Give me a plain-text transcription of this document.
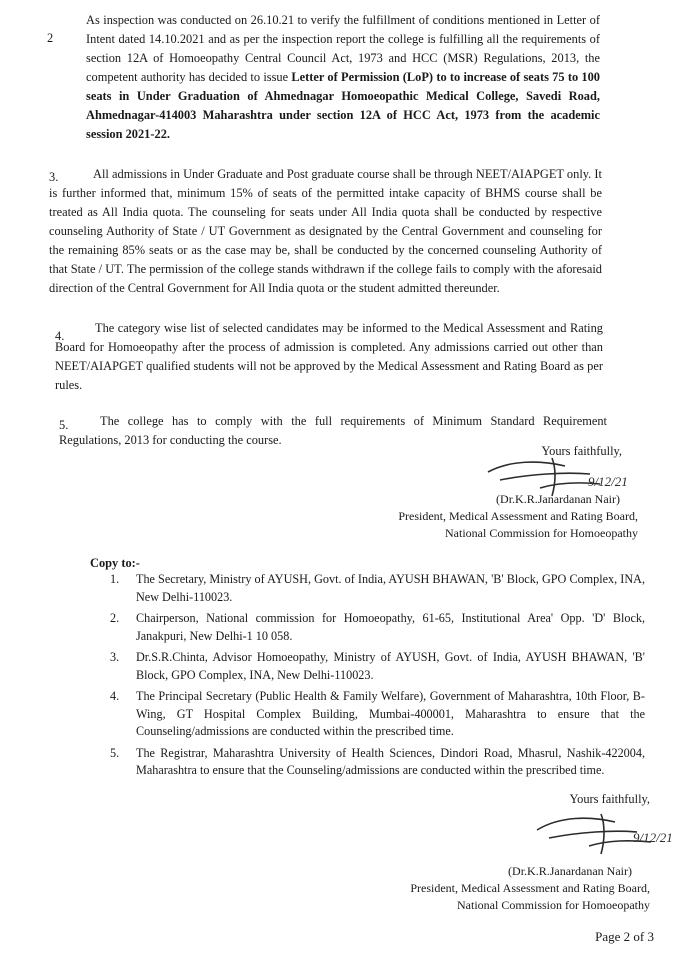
2
As inspection was conducted on 26.10.21 to verify the fulfillment of conditions mentioned in Letter of Intent dated 14.10.2021 and as per the inspection report the college is fulfilling all the requirements of section 12A of Homoeopathy Central Council Act, 1973 and HCC (MSR) Regulations, 2013, the competent authority has decided to issue Letter of Permission (LoP) to to increase of seats 75 to 100 seats in Under Graduation of Ahmednagar Homoeopathic Medical College, Savedi Road, Ahmednagar-414003 Maharashtra under section 12A of HCC Act, 1973 from the academic session 2021-22.
3.	All admissions in Under Graduate and Post graduate course shall be through NEET/AIAPGET only. It is further informed that, minimum 15% of seats of the permitted intake capacity of BHMS course shall be treated as All India quota. The counseling for seats under All India quota shall be conducted by respective counseling Authority of State / UT Government as designated by the Central Government and counseling for the remaining 85% seats or as the case may be, shall be conducted by the concerned counseling Authority of that State / UT. The permission of the college stands withdrawn if the college fails to comply with the aforesaid direction of the Central Government for All India quota or the student admitted thereunder.
4.
The category wise list of selected candidates may be informed to the Medical Assessment and Rating Board for Homoeopathy after the process of admission is completed. Any admissions carried out other than NEET/AIAPGET qualified students will not be approved by the Medical Assessment and Rating Board as per rules.
5.	The college has to comply with the full requirements of Minimum Standard Requirement Regulations, 2013 for conducting the course.
Yours faithfully,
9/12/21
(Dr.K.R.Janardanan Nair)
President, Medical Assessment and Rating Board,
National Commission for Homoeopathy
Copy to:-
1. The Secretary, Ministry of AYUSH, Govt. of India, AYUSH BHAWAN, 'B' Block, GPO Complex, INA, New Delhi-110023.
2. Chairperson, National commission for Homoeopathy, 61-65, Institutional Area' Opp. 'D' Block, Janakpuri, New Delhi-1 10 058.
3. Dr.S.R.Chinta, Advisor Homoeopathy, Ministry of AYUSH, Govt. of India, AYUSH BHAWAN, 'B' Block, GPO Complex, INA, New Delhi-110023.
4. The Principal Secretary (Public Health & Family Welfare), Government of Maharashtra, 10th Floor, B- Wing, GT Hospital Complex Building, Mumbai-400001, Maharashtra to ensure that the Counseling/admissions are conducted within the prescribed time.
5. The Registrar, Maharashtra University of Health Sciences, Dindori Road, Mhasrul, Nashik-422004, Maharashtra to ensure that the Counseling/admissions are conducted within the prescribed time.
Yours faithfully,
9/12/21
(Dr.K.R.Janardanan Nair)
President, Medical Assessment and Rating Board,
National Commission for Homoeopathy
Page 2 of 3
